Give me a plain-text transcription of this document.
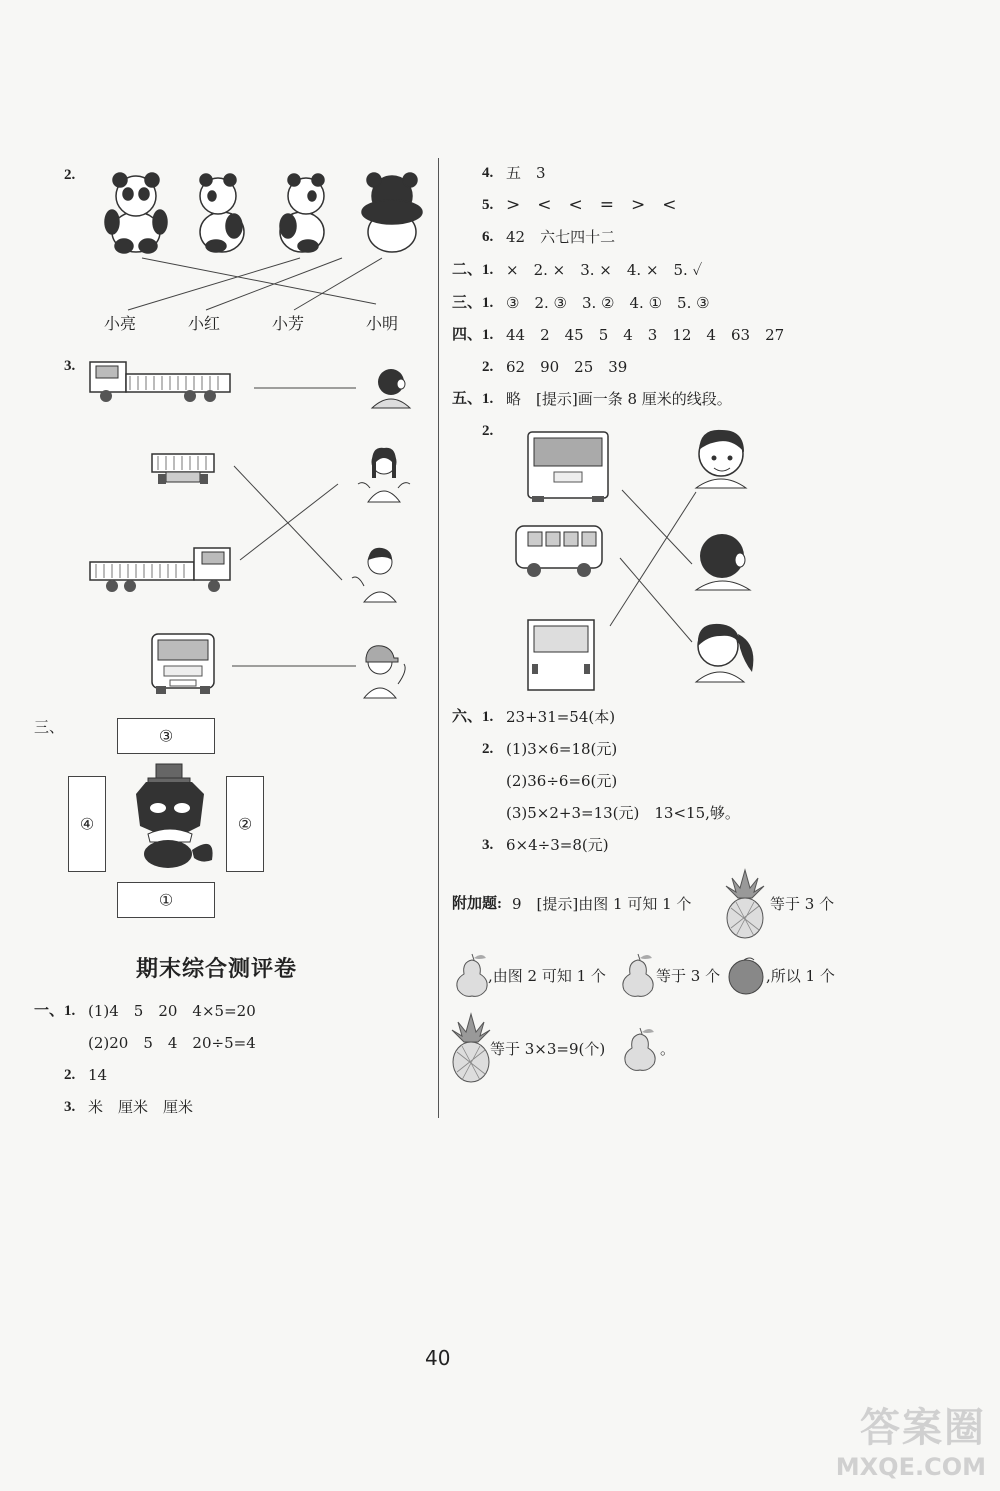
2.
小亮	小红	小芳	小明
3.
三、	③
④	②
①
期末综合测评卷
一、1. (1)4　5　20　4×5=20
(2)20　5　4　20÷5=4
2. 14
3. 米　厘米　厘米
4. 五　3
5. >　<　<　=　>　<
6. 42　六七四十二
二、1. ×　2. ×　3. ×　4. ×　5. ✓
三、1. ③　2. ③　3. ②　4. ①　5. ③
四、1. 44　2　45　5　4　3　12　4　63　27
2. 62　90　25　39
五、1. 略　[提示]画一条 8 厘米的线段。
2.
六、1. 23+31=54(本)
2. (1)3×6=18(元)
(2)36÷6=6(元)
(3)5×2+3=13(元)　13<15,够。
3. 6×4÷3=8(元)
附加题: 9　[提示]由图 1 可知 1 个	等于 3 个
,由图 2 可知 1 个	等于 3 个	,所以 1 个
等于 3×3=9(个)	。
40
答案圈
MXQE.COM
